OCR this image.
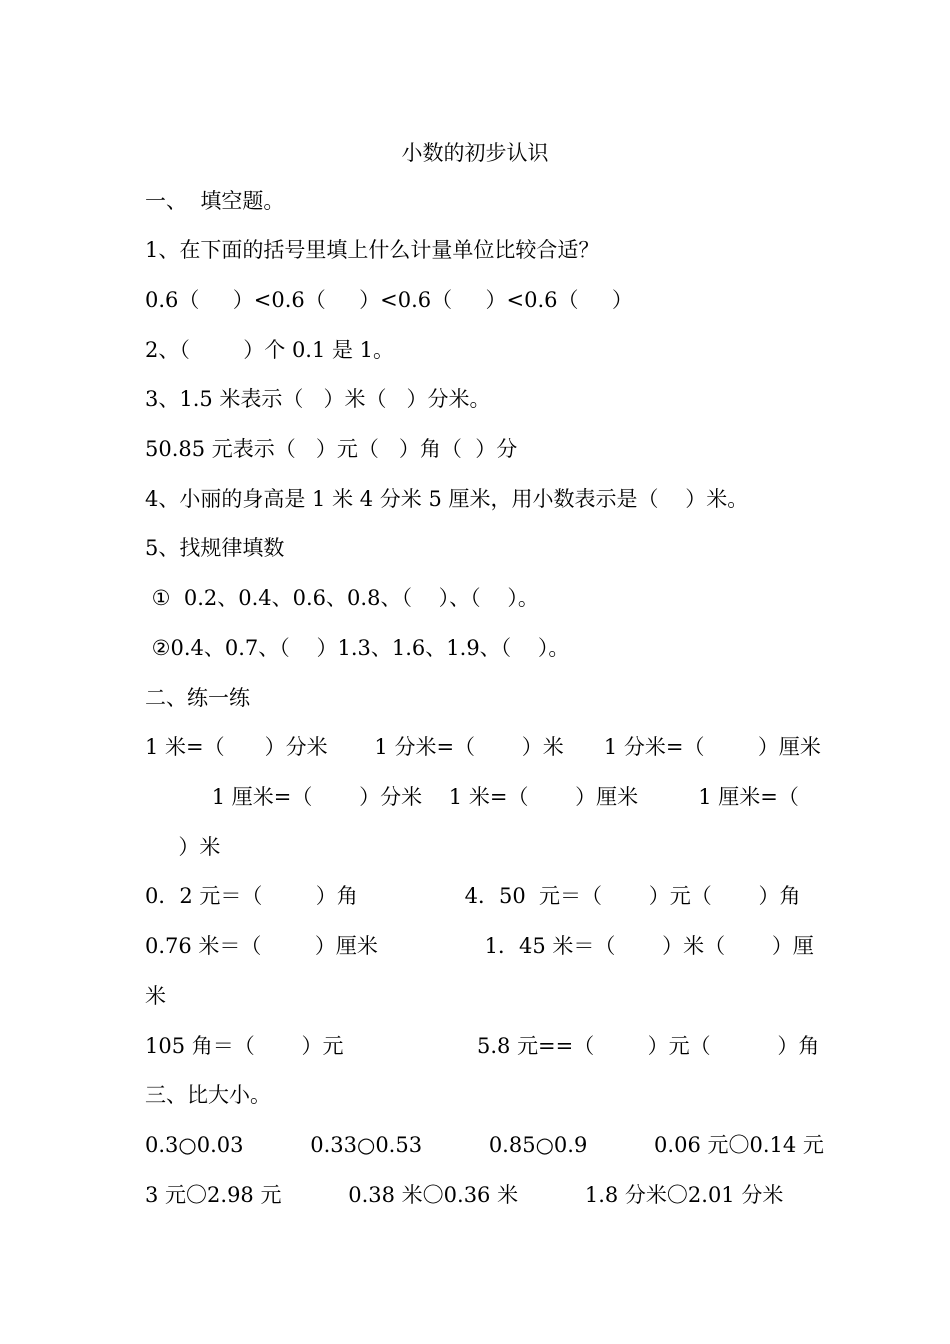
小数的初步认识
一、  填空题。
1、在下面的括号里填上什么计量单位比较合适？
0.6（     ）<0.6（     ）<0.6（     ）<0.6（     ）
2、（        ）个 0.1 是 1。
3、1.5 米表示（   ）米（   ）分米。
50.85 元表示（   ）元（   ）角（  ）分
4、小丽的身高是 1 米 4 分米 5 厘米，用小数表示是（    ）米。
5、找规律填数
①  0.2、0.4、0.6、0.8、（    ）、（    ）。
②0.4、0.7、（    ）1.3、1.6、1.9、（    ）。
二、练一练
1 米=（      ）分米       1 分米=（       ）米      1 分米=（        ）厘米
1 厘米=（       ）分米    1 米=（       ）厘米         1 厘米=（
）米
0．2 元＝（        ）角                4．50  元＝（       ）元（       ）角
0.76 米＝（        ）厘米                1．45 米＝（       ）米（       ）厘
米
105 角＝（       ）元                    5.8 元==（        ）元（          ）角
三、比大小。
0.3○0.03          0.33○0.53          0.85○0.9          0.06 元〇0.14 元
3 元〇2.98 元          0.38 米〇0.36 米          1.8 分米〇2.01 分米
